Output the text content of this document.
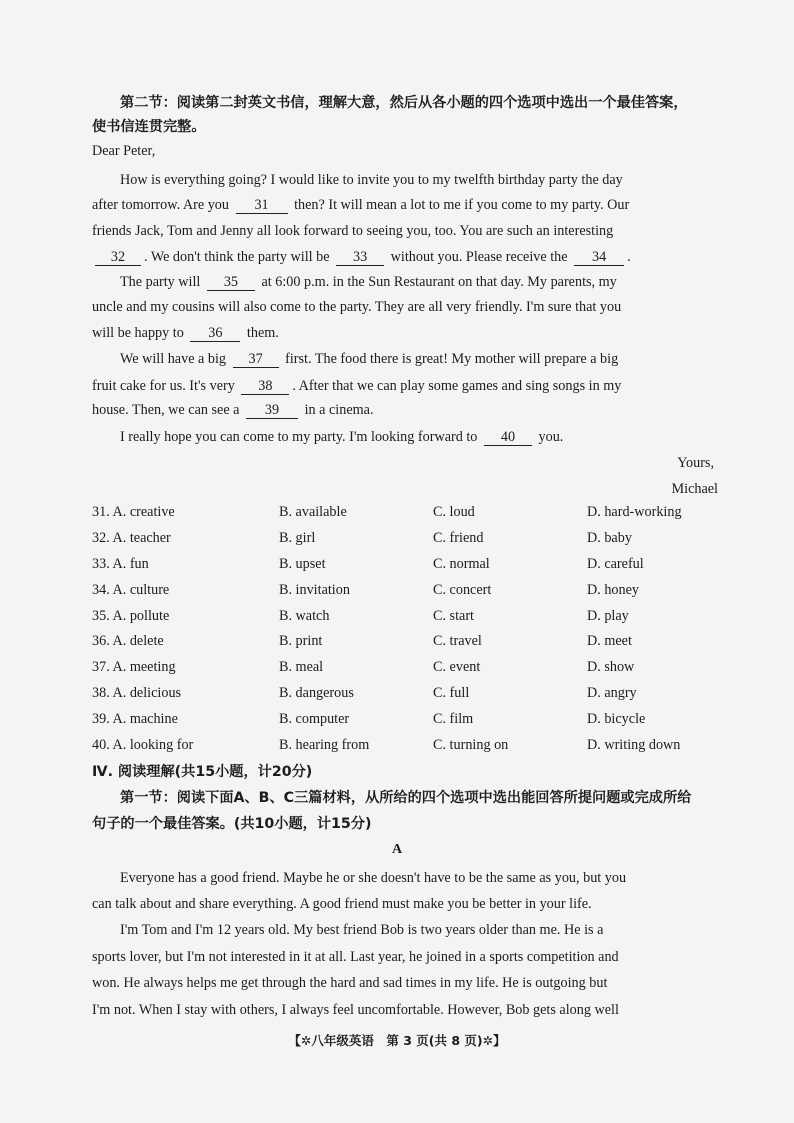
第二节：阅读第二封英文书信，理解大意，然后从各小题的四个选项中选出一个最佳答案，
使书信连贯完整。
Dear Peter,
How is everything going? I would like to invite you to my twelfth birthday party the day
after tomorrow. Are you 31 then? It will mean a lot to me if you come to my party. Our
friends Jack, Tom and Jenny all look forward to seeing you, too. You are such an interesting
32 . We don't think the party will be 33 without you. Please receive the 34 .
The party will 35 at 6:00 p.m. in the Sun Restaurant on that day. My parents, my
uncle and my cousins will also come to the party. They are all very friendly. I'm sure that you
will be happy to 36 them.
We will have a big 37 first. The food there is great! My mother will prepare a big
fruit cake for us. It's very 38 . After that we can play some games and sing songs in my
house. Then, we can see a 39 in a cinema.
I really hope you can come to my party. I'm looking forward to 40 you.
Yours,
Michael
31. A. creative	B. available	C. loud	D. hard-working
32. A. teacher	B. girl	C. friend	D. baby
33. A. fun	B. upset	C. normal	D. careful
34. A. culture	B. invitation	C. concert	D. honey
35. A. pollute	B. watch	C. start	D. play
36. A. delete	B. print	C. travel	D. meet
37. A. meeting	B. meal	C. event	D. show
38. A. delicious	B. dangerous	C. full	D. angry
39. A. machine	B. computer	C. film	D. bicycle
40. A. looking for	B. hearing from	C. turning on	D. writing down
Ⅳ. 阅读理解(共15小题，计20分)
第一节：阅读下面A、B、C三篇材料，从所给的四个选项中选出能回答所提问题或完成所给
句子的一个最佳答案。(共10小题，计15分)
A
Everyone has a good friend. Maybe he or she doesn't have to be the same as you, but you
can talk about and share everything. A good friend must make you be better in your life.
I'm Tom and I'm 12 years old. My best friend Bob is two years older than me. He is a
sports lover, but I'm not interested in it at all. Last year, he joined in a sports competition and
won. He always helps me get through the hard and sad times in my life. He is outgoing but
I'm not. When I stay with others, I always feel uncomfortable. However, Bob gets along well
【✲八年级英语　第 3 页(共 8 页)✲】
